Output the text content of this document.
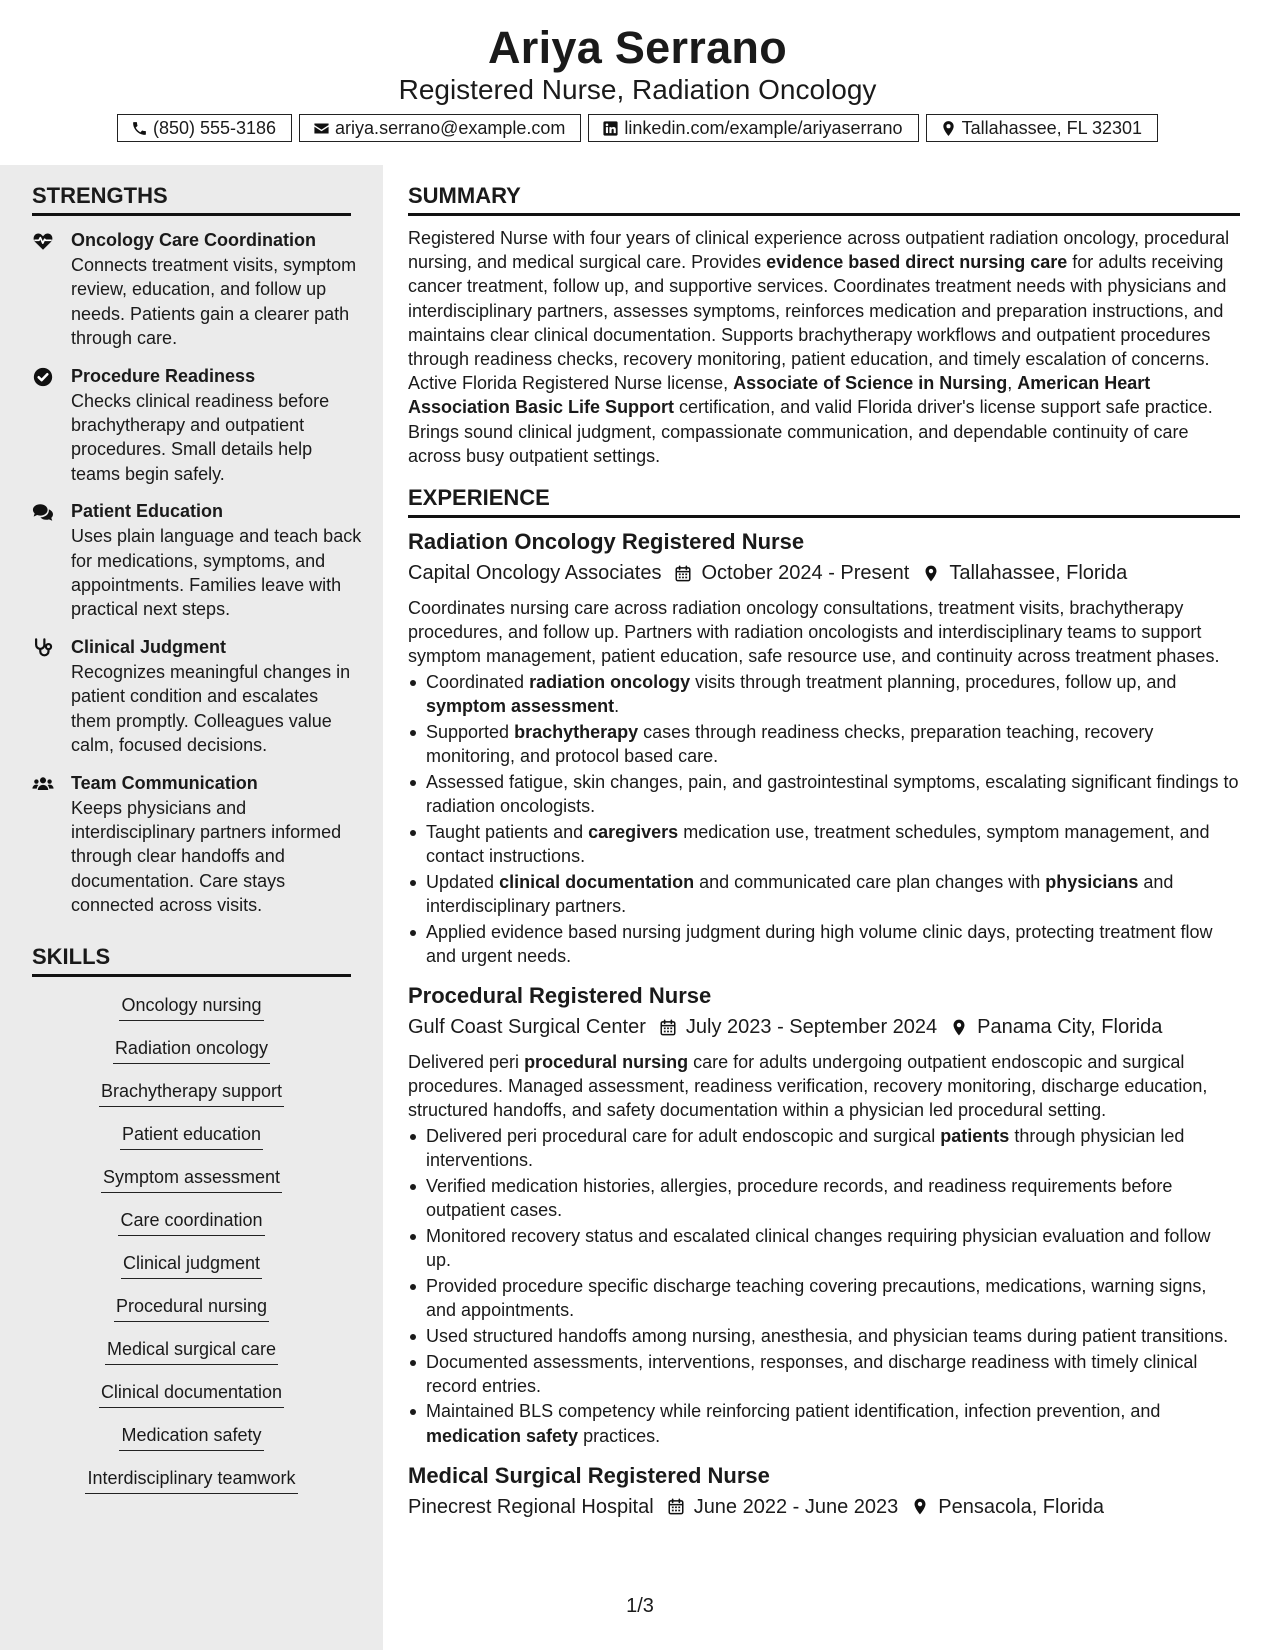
Ariya Serrano
Registered Nurse, Radiation Oncology
(850) 555-3186	ariya.serrano@example.com	linkedin.com/example/ariyaserrano	Tallahassee, FL 32301
STRENGTHS
Oncology Care Coordination
Connects treatment visits, symptom review, education, and follow up needs. Patients gain a clearer path through care.
Procedure Readiness
Checks clinical readiness before brachytherapy and outpatient procedures. Small details help teams begin safely.
Patient Education
Uses plain language and teach back for medications, symptoms, and appointments. Families leave with practical next steps.
Clinical Judgment
Recognizes meaningful changes in patient condition and escalates them promptly. Colleagues value calm, focused decisions.
Team Communication
Keeps physicians and interdisciplinary partners informed through clear handoffs and documentation. Care stays connected across visits.
SKILLS
Oncology nursing
Radiation oncology
Brachytherapy support
Patient education
Symptom assessment
Care coordination
Clinical judgment
Procedural nursing
Medical surgical care
Clinical documentation
Medication safety
Interdisciplinary teamwork
SUMMARY
Registered Nurse with four years of clinical experience across outpatient radiation oncology, procedural nursing, and medical surgical care. Provides evidence based direct nursing care for adults receiving cancer treatment, follow up, and supportive services. Coordinates treatment needs with physicians and interdisciplinary partners, assesses symptoms, reinforces medication and preparation instructions, and maintains clear clinical documentation. Supports brachytherapy workflows and outpatient procedures through readiness checks, recovery monitoring, patient education, and timely escalation of concerns. Active Florida Registered Nurse license, Associate of Science in Nursing, American Heart Association Basic Life Support certification, and valid Florida driver's license support safe practice. Brings sound clinical judgment, compassionate communication, and dependable continuity of care across busy outpatient settings.
EXPERIENCE
Radiation Oncology Registered Nurse
Capital Oncology Associates October 2024 - Present Tallahassee, Florida
Coordinates nursing care across radiation oncology consultations, treatment visits, brachytherapy procedures, and follow up. Partners with radiation oncologists and interdisciplinary teams to support symptom management, patient education, safe resource use, and continuity across treatment phases.
Coordinated radiation oncology visits through treatment planning, procedures, follow up, and symptom assessment.
Supported brachytherapy cases through readiness checks, preparation teaching, recovery monitoring, and protocol based care.
Assessed fatigue, skin changes, pain, and gastrointestinal symptoms, escalating significant findings to radiation oncologists.
Taught patients and caregivers medication use, treatment schedules, symptom management, and contact instructions.
Updated clinical documentation and communicated care plan changes with physicians and interdisciplinary partners.
Applied evidence based nursing judgment during high volume clinic days, protecting treatment flow and urgent needs.
Procedural Registered Nurse
Gulf Coast Surgical Center July 2023 - September 2024 Panama City, Florida
Delivered peri procedural nursing care for adults undergoing outpatient endoscopic and surgical procedures. Managed assessment, readiness verification, recovery monitoring, discharge education, structured handoffs, and safety documentation within a physician led procedural setting.
Delivered peri procedural care for adult endoscopic and surgical patients through physician led interventions.
Verified medication histories, allergies, procedure records, and readiness requirements before outpatient cases.
Monitored recovery status and escalated clinical changes requiring physician evaluation and follow up.
Provided procedure specific discharge teaching covering precautions, medications, warning signs, and appointments.
Used structured handoffs among nursing, anesthesia, and physician teams during patient transitions.
Documented assessments, interventions, responses, and discharge readiness with timely clinical record entries.
Maintained BLS competency while reinforcing patient identification, infection prevention, and medication safety practices.
Medical Surgical Registered Nurse
Pinecrest Regional Hospital June 2022 - June 2023 Pensacola, Florida
1/3
